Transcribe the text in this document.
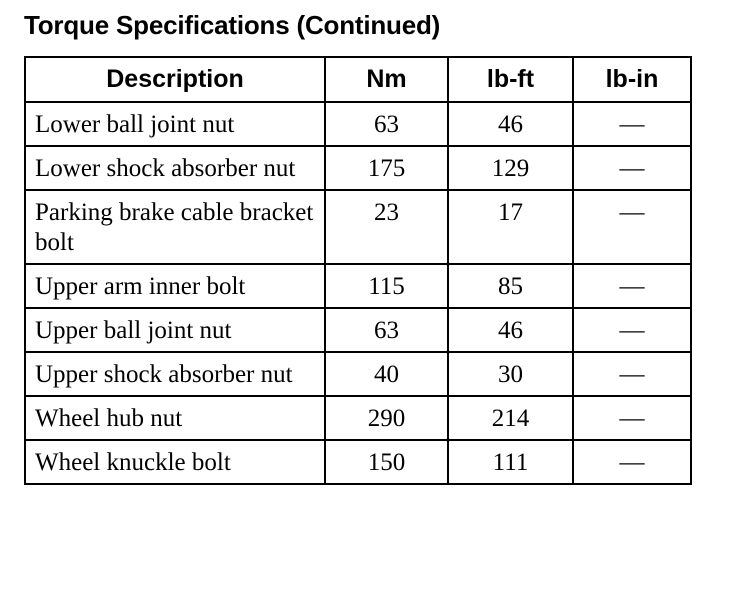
Torque Specifications (Continued)
Description	Nm	lb-ft	lb-in
Lower ball joint nut	63	46	—
Lower shock absorber nut	175	129	—
Parking brake cable bracket bolt	23	17	—
Upper arm inner bolt	115	85	—
Upper ball joint nut	63	46	—
Upper shock absorber nut	40	30	—
Wheel hub nut	290	214	—
Wheel knuckle bolt	150	111	—
